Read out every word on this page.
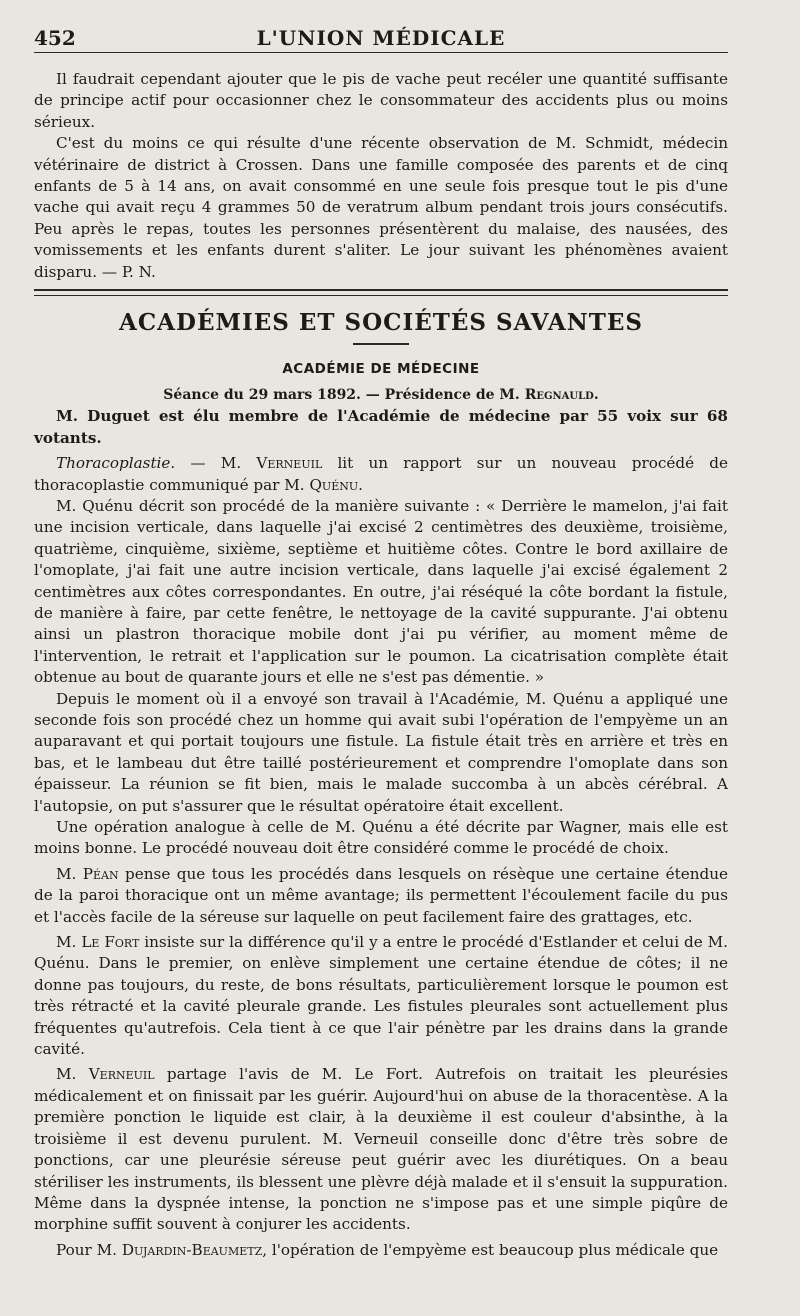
452	L'UNION MÉDICALE

Il faudrait cependant ajouter que le pis de vache peut recéler une quantité suffisante de principe actif pour occasionner chez le consommateur des accidents plus ou moins sérieux.

C'est du moins ce qui résulte d'une récente observation de M. Schmidt, médecin vétérinaire de district à Crossen. Dans une famille composée des parents et de cinq enfants de 5 à 14 ans, on avait consommé en une seule fois presque tout le pis d'une vache qui avait reçu 4 grammes 50 de veratrum album pendant trois jours consécutifs. Peu après le repas, toutes les personnes présentèrent du malaise, des nausées, des vomissements et les enfants durent s'aliter. Le jour suivant les phénomènes avaient disparu. — P. N.

ACADÉMIES ET SOCIÉTÉS SAVANTES
ACADÉMIE DE MÉDECINE

Séance du 29 mars 1892. — Présidence de M. Regnauld.

M. Duguet est élu membre de l'Académie de médecine par 55 voix sur 68 votants.

Thoracoplastie. — M. Verneuil lit un rapport sur un nouveau procédé de thoracoplastie communiqué par M. Quénu.

M. Quénu décrit son procédé de la manière suivante : « Derrière le mamelon, j'ai fait une incision verticale, dans laquelle j'ai excisé 2 centimètres des deuxième, troisième, quatrième, cinquième, sixième, septième et huitième côtes. Contre le bord axillaire de l'omoplate, j'ai fait une autre incision verticale, dans laquelle j'ai excisé également 2 centimètres aux côtes correspondantes. En outre, j'ai réséqué la côte bordant la fistule, de manière à faire, par cette fenêtre, le nettoyage de la cavité suppurante. J'ai obtenu ainsi un plastron thoracique mobile dont j'ai pu vérifier, au moment même de l'intervention, le retrait et l'application sur le poumon. La cicatrisation complète était obtenue au bout de quarante jours et elle ne s'est pas démentie. »

Depuis le moment où il a envoyé son travail à l'Académie, M. Quénu a appliqué une seconde fois son procédé chez un homme qui avait subi l'opération de l'empyème un an auparavant et qui portait toujours une fistule. La fistule était très en arrière et très en bas, et le lambeau dut être taillé postérieurement et comprendre l'omoplate dans son épaisseur. La réunion se fit bien, mais le malade succomba à un abcès cérébral. A l'autopsie, on put s'assurer que le résultat opératoire était excellent.

Une opération analogue à celle de M. Quénu a été décrite par Wagner, mais elle est moins bonne. Le procédé nouveau doit être considéré comme le procédé de choix.

M. Péan pense que tous les procédés dans lesquels on résèque une certaine étendue de la paroi thoracique ont un même avantage; ils permettent l'écoulement facile du pus et l'accès facile de la séreuse sur laquelle on peut facilement faire des grattages, etc.

M. Le Fort insiste sur la différence qu'il y a entre le procédé d'Estlander et celui de M. Quénu. Dans le premier, on enlève simplement une certaine étendue de côtes; il ne donne pas toujours, du reste, de bons résultats, particulièrement lorsque le poumon est très rétracté et la cavité pleurale grande. Les fistules pleurales sont actuellement plus fréquentes qu'autrefois. Cela tient à ce que l'air pénètre par les drains dans la grande cavité.

M. Verneuil partage l'avis de M. Le Fort. Autrefois on traitait les pleurésies médicalement et on finissait par les guérir. Aujourd'hui on abuse de la thoracentèse. A la première ponction le liquide est clair, à la deuxième il est couleur d'absinthe, à la troisième il est devenu purulent. M. Verneuil conseille donc d'être très sobre de ponctions, car une pleurésie séreuse peut guérir avec les diurétiques. On a beau stériliser les instruments, ils blessent une plèvre déjà malade et il s'ensuit la suppuration. Même dans la dyspnée intense, la ponction ne s'impose pas et une simple piqûre de morphine suffit souvent à conjurer les accidents.

Pour M. Dujardin-Beaumetz, l'opération de l'empyème est beaucoup plus médicale que
